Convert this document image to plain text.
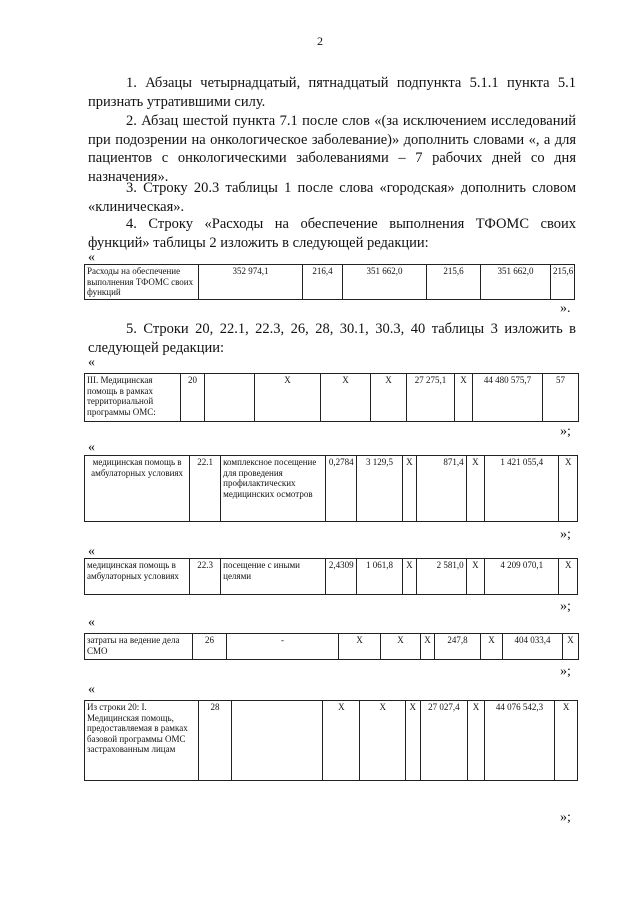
2

1. Абзацы четырнадцатый, пятнадцатый подпункта 5.1.1 пункта 5.1 признать утратившими силу.

2. Абзац шестой пункта 7.1 после слов «(за исключением исследований при подозрении на онкологическое заболевание)» дополнить словами «, а для пациентов с онкологическими заболеваниями – 7 рабочих дней со дня назначения».

3. Строку 20.3 таблицы 1 после слова «городская» дополнить словом «клиническая».

4. Строку «Расходы на обеспечение выполнения ТФОМС своих функций» таблицы 2 изложить в следующей редакции:

«
Расходы на обеспечение выполнения ТФОМС своих функций	352 974,1	216,4	351 662,0	215,6	351 662,0	215,6
».

5. Строки 20, 22.1, 22.3, 26, 28, 30.1, 30.3, 40 таблицы 3 изложить в следующей редакции:

«
III. Медицинская помощь в рамках территориальной программы ОМС:	20		X	X	X	27 275,1	X	44 480 575,7	57
»;
«
медицинская помощь в амбулаторных условиях	22.1	комплексное посещение для проведения профилактических медицинских осмотров	0,2784	3 129,5	X	871,4	X	1 421 055,4	X
»;
«
медицинская помощь в амбулаторных условиях	22.3	посещение с иными целями	2,4309	1 061,8	X	2 581,0	X	4 209 070,1	X
»;
«
затраты на ведение дела СМО	26	-	X	X	X	247,8	X	404 033,4	X
»;
«
Из строки 20: I. Медицинская помощь, предоставляемая в рамках базовой программы ОМС застрахованным лицам	28		X	X	X	27 027,4	X	44 076 542,3	X
»;
